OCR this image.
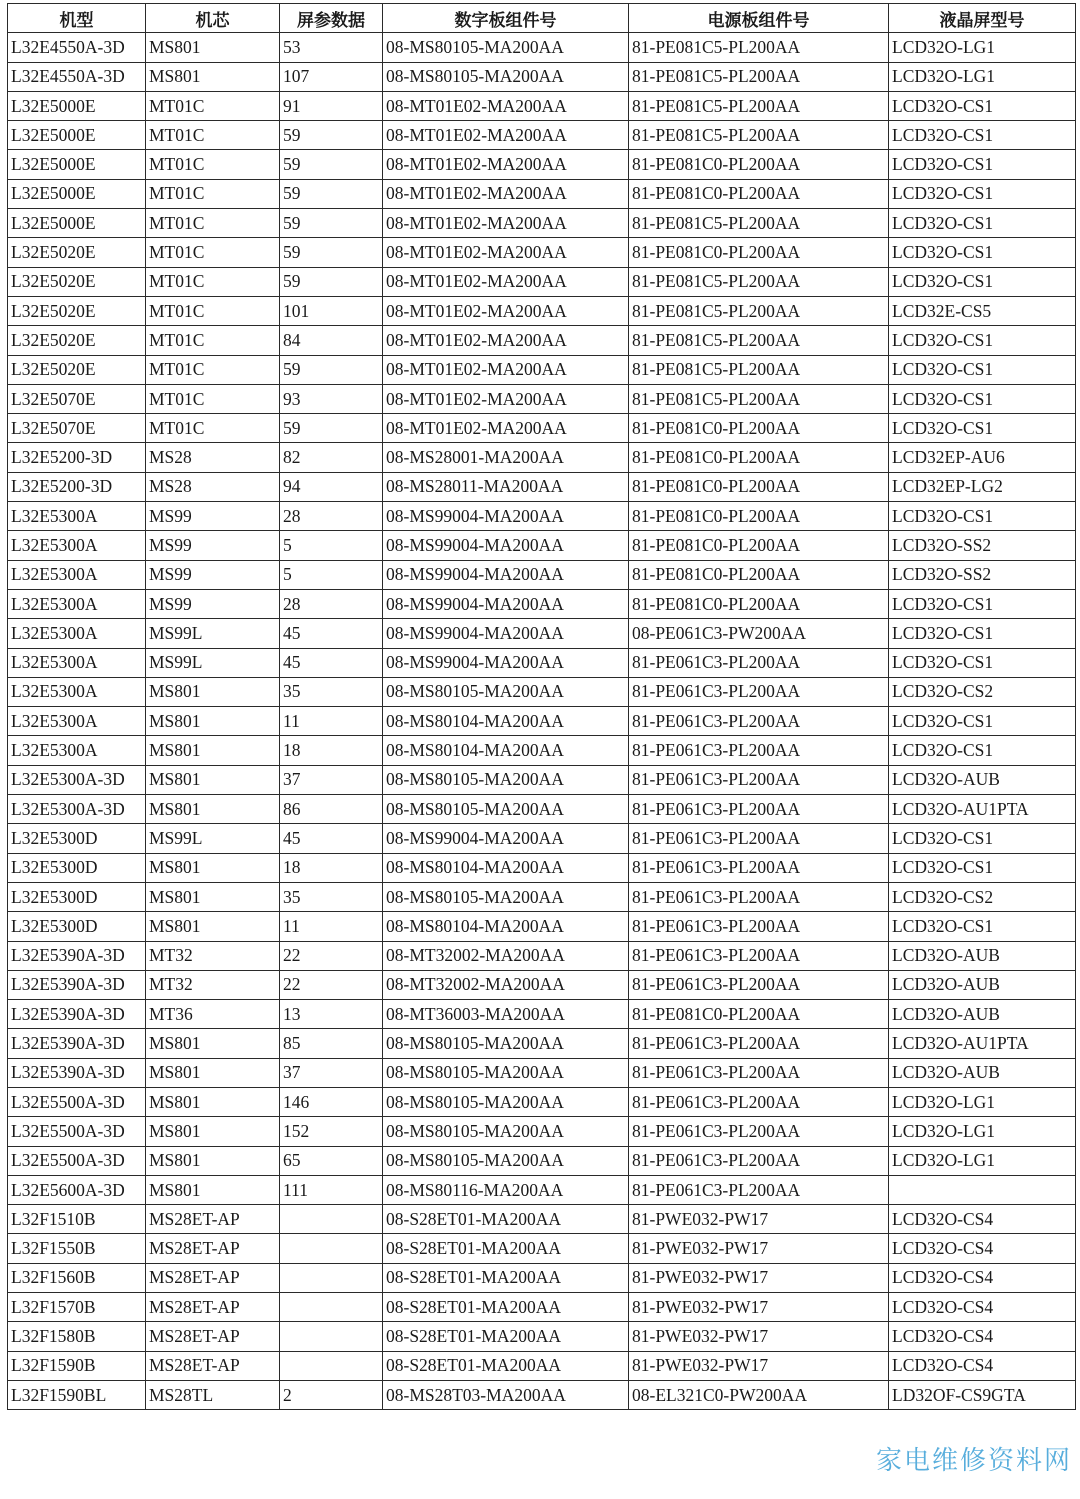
机型	机芯	屏参数据	数字板组件号	电源板组件号	液晶屏型号
L32E4550A-3D	MS801	53	08-MS80105-MA200AA	81-PE081C5-PL200AA	LCD32O-LG1
L32E4550A-3D	MS801	107	08-MS80105-MA200AA	81-PE081C5-PL200AA	LCD32O-LG1
L32E5000E	MT01C	91	08-MT01E02-MA200AA	81-PE081C5-PL200AA	LCD32O-CS1
L32E5000E	MT01C	59	08-MT01E02-MA200AA	81-PE081C5-PL200AA	LCD32O-CS1
L32E5000E	MT01C	59	08-MT01E02-MA200AA	81-PE081C0-PL200AA	LCD32O-CS1
L32E5000E	MT01C	59	08-MT01E02-MA200AA	81-PE081C0-PL200AA	LCD32O-CS1
L32E5000E	MT01C	59	08-MT01E02-MA200AA	81-PE081C5-PL200AA	LCD32O-CS1
L32E5020E	MT01C	59	08-MT01E02-MA200AA	81-PE081C0-PL200AA	LCD32O-CS1
L32E5020E	MT01C	59	08-MT01E02-MA200AA	81-PE081C5-PL200AA	LCD32O-CS1
L32E5020E	MT01C	101	08-MT01E02-MA200AA	81-PE081C5-PL200AA	LCD32E-CS5
L32E5020E	MT01C	84	08-MT01E02-MA200AA	81-PE081C5-PL200AA	LCD32O-CS1
L32E5020E	MT01C	59	08-MT01E02-MA200AA	81-PE081C5-PL200AA	LCD32O-CS1
L32E5070E	MT01C	93	08-MT01E02-MA200AA	81-PE081C5-PL200AA	LCD32O-CS1
L32E5070E	MT01C	59	08-MT01E02-MA200AA	81-PE081C0-PL200AA	LCD32O-CS1
L32E5200-3D	MS28	82	08-MS28001-MA200AA	81-PE081C0-PL200AA	LCD32EP-AU6
L32E5200-3D	MS28	94	08-MS28011-MA200AA	81-PE081C0-PL200AA	LCD32EP-LG2
L32E5300A	MS99	28	08-MS99004-MA200AA	81-PE081C0-PL200AA	LCD32O-CS1
L32E5300A	MS99	5	08-MS99004-MA200AA	81-PE081C0-PL200AA	LCD32O-SS2
L32E5300A	MS99	5	08-MS99004-MA200AA	81-PE081C0-PL200AA	LCD32O-SS2
L32E5300A	MS99	28	08-MS99004-MA200AA	81-PE081C0-PL200AA	LCD32O-CS1
L32E5300A	MS99L	45	08-MS99004-MA200AA	08-PE061C3-PW200AA	LCD32O-CS1
L32E5300A	MS99L	45	08-MS99004-MA200AA	81-PE061C3-PL200AA	LCD32O-CS1
L32E5300A	MS801	35	08-MS80105-MA200AA	81-PE061C3-PL200AA	LCD32O-CS2
L32E5300A	MS801	11	08-MS80104-MA200AA	81-PE061C3-PL200AA	LCD32O-CS1
L32E5300A	MS801	18	08-MS80104-MA200AA	81-PE061C3-PL200AA	LCD32O-CS1
L32E5300A-3D	MS801	37	08-MS80105-MA200AA	81-PE061C3-PL200AA	LCD32O-AUB
L32E5300A-3D	MS801	86	08-MS80105-MA200AA	81-PE061C3-PL200AA	LCD32O-AU1PTA
L32E5300D	MS99L	45	08-MS99004-MA200AA	81-PE061C3-PL200AA	LCD32O-CS1
L32E5300D	MS801	18	08-MS80104-MA200AA	81-PE061C3-PL200AA	LCD32O-CS1
L32E5300D	MS801	35	08-MS80105-MA200AA	81-PE061C3-PL200AA	LCD32O-CS2
L32E5300D	MS801	11	08-MS80104-MA200AA	81-PE061C3-PL200AA	LCD32O-CS1
L32E5390A-3D	MT32	22	08-MT32002-MA200AA	81-PE061C3-PL200AA	LCD32O-AUB
L32E5390A-3D	MT32	22	08-MT32002-MA200AA	81-PE061C3-PL200AA	LCD32O-AUB
L32E5390A-3D	MT36	13	08-MT36003-MA200AA	81-PE081C0-PL200AA	LCD32O-AUB
L32E5390A-3D	MS801	85	08-MS80105-MA200AA	81-PE061C3-PL200AA	LCD32O-AU1PTA
L32E5390A-3D	MS801	37	08-MS80105-MA200AA	81-PE061C3-PL200AA	LCD32O-AUB
L32E5500A-3D	MS801	146	08-MS80105-MA200AA	81-PE061C3-PL200AA	LCD32O-LG1
L32E5500A-3D	MS801	152	08-MS80105-MA200AA	81-PE061C3-PL200AA	LCD32O-LG1
L32E5500A-3D	MS801	65	08-MS80105-MA200AA	81-PE061C3-PL200AA	LCD32O-LG1
L32E5600A-3D	MS801	111	08-MS80116-MA200AA	81-PE061C3-PL200AA	
L32F1510B	MS28ET-AP		08-S28ET01-MA200AA	81-PWE032-PW17	LCD32O-CS4
L32F1550B	MS28ET-AP		08-S28ET01-MA200AA	81-PWE032-PW17	LCD32O-CS4
L32F1560B	MS28ET-AP		08-S28ET01-MA200AA	81-PWE032-PW17	LCD32O-CS4
L32F1570B	MS28ET-AP		08-S28ET01-MA200AA	81-PWE032-PW17	LCD32O-CS4
L32F1580B	MS28ET-AP		08-S28ET01-MA200AA	81-PWE032-PW17	LCD32O-CS4
L32F1590B	MS28ET-AP		08-S28ET01-MA200AA	81-PWE032-PW17	LCD32O-CS4
L32F1590BL	MS28TL	2	08-MS28T03-MA200AA	08-EL321C0-PW200AA	LD32OF-CS9GTA
家电维修资料网
